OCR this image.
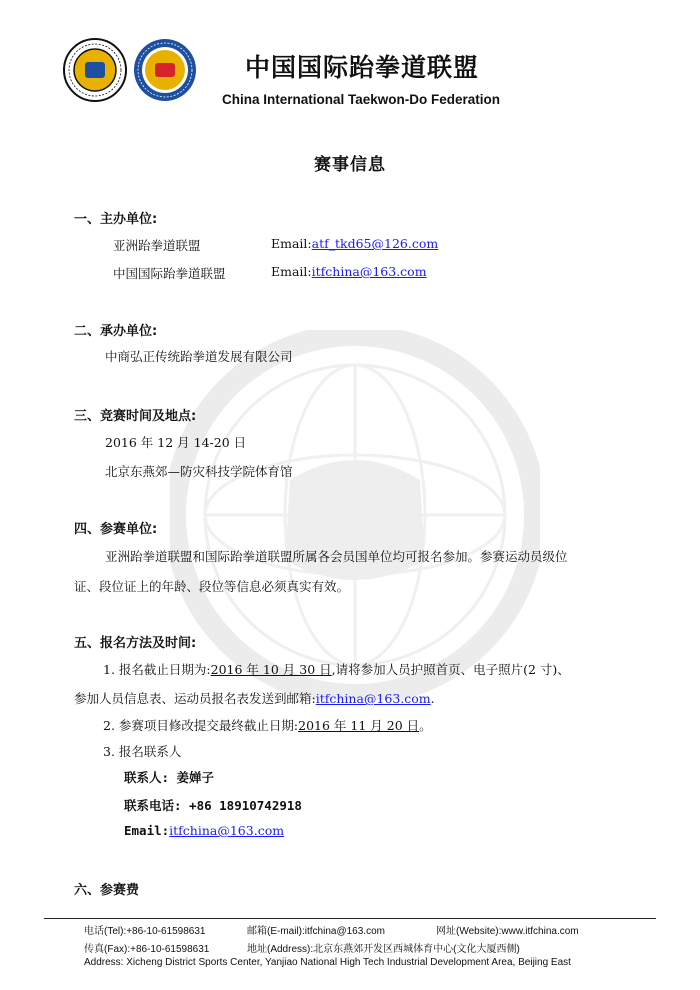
中国国际跆拳道联盟
China International Taekwon-Do Federation
赛事信息
一、主办单位:
亚洲跆拳道联盟	Email:atf_tkd65@126.com
中国国际跆拳道联盟	Email:itfchina@163.com
二、承办单位:
中商弘正传统跆拳道发展有限公司
三、竞赛时间及地点:
2016 年 12 月 14-20 日
北京东燕郊—防灾科技学院体育馆
四、参赛单位:
亚洲跆拳道联盟和国际跆拳道联盟所属各会员国单位均可报名参加。参赛运动员级位
证、段位证上的年龄、段位等信息必须真实有效。
五、报名方法及时间:
1. 报名截止日期为:2016 年 10 月 30 日,请将参加人员护照首页、电子照片(2 寸)、
参加人员信息表、运动员报名表发送到邮箱:itfchina@163.com.
2. 参赛项目修改提交最终截止日期:2016 年 11 月 20 日。
3. 报名联系人
联系人: 姜婵子
联系电话: +86 18910742918
Email:itfchina@163.com
六、参赛费
电话(Tel):+86-10-61598631	邮箱(E-mail):itfchina@163.com	网址(Website):www.itfchina.com
传真(Fax):+86-10-61598631	地址(Address):北京东燕郊开发区西城体育中心(文化大厦西侧)
Address: Xicheng District Sports Center, Yanjiao National High Tech Industrial Development Area, Beijing East
